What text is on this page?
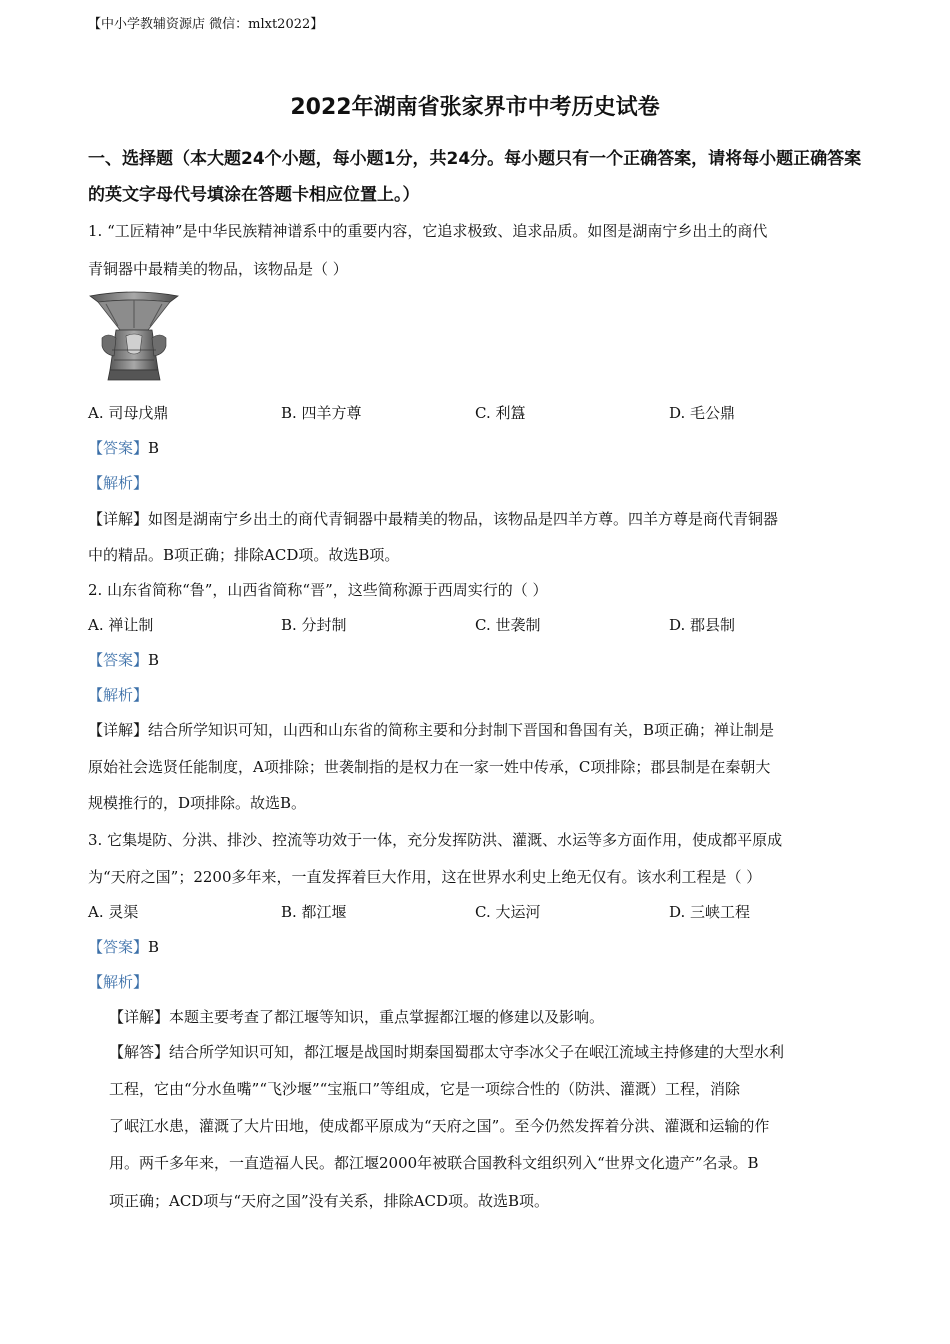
【中小学教辅资源店 微信：mlxt2022】
2022年湖南省张家界市中考历史试卷
一、选择题（本大题24个小题，每小题1分，共24分。每小题只有一个正确答案，请将每小题正确答案的英文字母代号填涂在答题卡相应位置上。）
1. “工匠精神”是中华民族精神谱系中的重要内容，它追求极致、追求品质。如图是湖南宁乡出土的商代
青铜器中最精美的物品，该物品是（ ）
A. 司母戊鼎	B. 四羊方尊	C. 利簋	D. 毛公鼎
【答案】B
【解析】
【详解】如图是湖南宁乡出土的商代青铜器中最精美的物品，该物品是四羊方尊。四羊方尊是商代青铜器
中的精品。B项正确；排除ACD项。故选B项。
2. 山东省简称“鲁”，山西省简称“晋”，这些简称源于西周实行的（ ）
A. 禅让制	B. 分封制	C. 世袭制	D. 郡县制
【答案】B
【解析】
【详解】结合所学知识可知，山西和山东省的简称主要和分封制下晋国和鲁国有关，B项正确；禅让制是
原始社会选贤任能制度，A项排除；世袭制指的是权力在一家一姓中传承，C项排除；郡县制是在秦朝大
规模推行的，D项排除。故选B。
3. 它集堤防、分洪、排沙、控流等功效于一体，充分发挥防洪、灌溉、水运等多方面作用，使成都平原成
为“天府之国”；2200多年来，一直发挥着巨大作用，这在世界水利史上绝无仅有。该水利工程是（ ）
A. 灵渠	B. 都江堰	C. 大运河	D. 三峡工程
【答案】B
【解析】
【详解】本题主要考查了都江堰等知识，重点掌握都江堰的修建以及影响。
【解答】结合所学知识可知，都江堰是战国时期秦国蜀郡太守李冰父子在岷江流域主持修建的大型水利
工程，它由“分水鱼嘴”“飞沙堰”“宝瓶口”等组成，它是一项综合性的（防洪、灌溉）工程，消除
了岷江水患，灌溉了大片田地，使成都平原成为“天府之国”。至今仍然发挥着分洪、灌溉和运输的作
用。两千多年来，一直造福人民。都江堰2000年被联合国教科文组织列入“世界文化遗产”名录。B
项正确；ACD项与“天府之国”没有关系，排除ACD项。故选B项。
